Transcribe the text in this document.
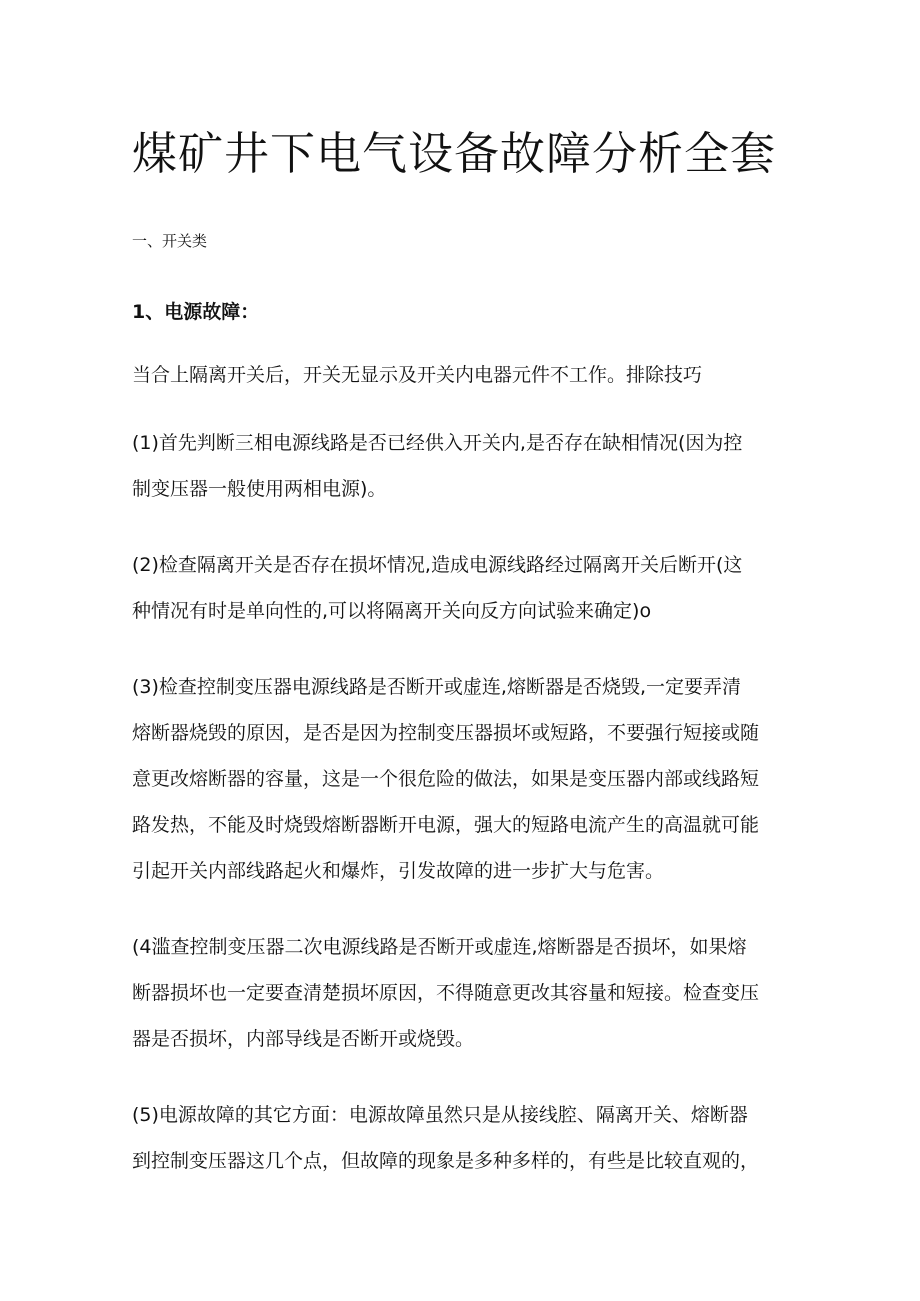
煤矿井下电气设备故障分析全套
一、开关类
1、电源故障：
当合上隔离开关后，开关无显示及开关内电器元件不工作。排除技巧
(1)首先判断三相电源线路是否已经供入开关内,是否存在缺相情况(因为控
制变压器一般使用两相电源)。
(2)检查隔离开关是否存在损坏情况,造成电源线路经过隔离开关后断开(这
种情况有时是单向性的,可以将隔离开关向反方向试验来确定)o
(3)检查控制变压器电源线路是否断开或虚连,熔断器是否烧毁,一定要弄清
熔断器烧毁的原因，是否是因为控制变压器损坏或短路，不要强行短接或随
意更改熔断器的容量，这是一个很危险的做法，如果是变压器内部或线路短
路发热，不能及时烧毁熔断器断开电源，强大的短路电流产生的高温就可能
引起开关内部线路起火和爆炸，引发故障的进一步扩大与危害。
(4滥查控制变压器二次电源线路是否断开或虚连,熔断器是否损坏，如果熔
断器损坏也一定要查清楚损坏原因，不得随意更改其容量和短接。检查变压
器是否损坏，内部导线是否断开或烧毁。
(5)电源故障的其它方面：电源故障虽然只是从接线腔、隔离开关、熔断器
到控制变压器这几个点，但故障的现象是多种多样的，有些是比较直观的，
